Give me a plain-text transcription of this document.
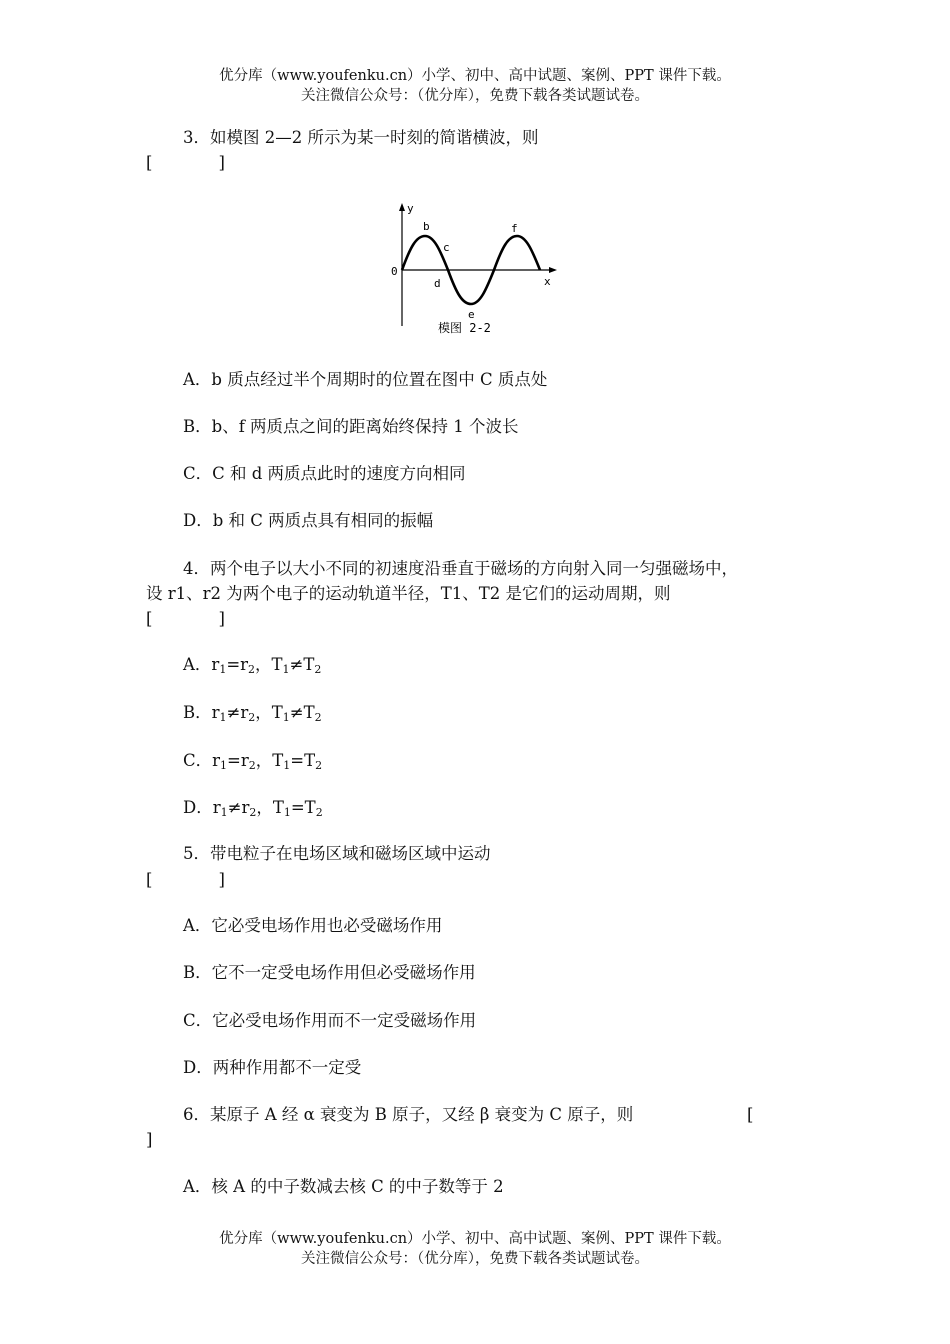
优分库（www.youfenku.cn）小学、初中、高中试题、案例、PPT 课件下载。
关注微信公众号：（优分库），免费下载各类试题试卷。
3．如模图 2—2 所示为某一时刻的简谐横波，则
[	]
y
x
0
b
c
d
e
f
模图 2-2
A．b 质点经过半个周期时的位置在图中 C 质点处
B．b、f 两质点之间的距离始终保持 1 个波长
C．C 和 d 两质点此时的速度方向相同
D．b 和 C 两质点具有相同的振幅
4．两个电子以大小不同的初速度沿垂直于磁场的方向射入同一匀强磁场中，
设 r1、r2 为两个电子的运动轨道半径，T1、T2 是它们的运动周期，则
[	]
A．$r_1=r_2$，$T_1\ne T_2$
B．$r_1\ne r_2$，$T_1\ne T_2$
C．$r_1=r_2$，$T_1=T_2$
D．$r_1\ne r_2$，$T_1=T_2$
5．带电粒子在电场区域和磁场区域中运动
[	]
A．它必受电场作用也必受磁场作用
B．它不一定受电场作用但必受磁场作用
C．它必受电场作用而不一定受磁场作用
D．两种作用都不一定受
6．某原子 A 经 α 衰变为 B 原子，又经 β 衰变为 C 原子，则	[
]
A．核 A 的中子数减去核 C 的中子数等于 2
优分库（www.youfenku.cn）小学、初中、高中试题、案例、PPT 课件下载。
关注微信公众号：（优分库），免费下载各类试题试卷。
